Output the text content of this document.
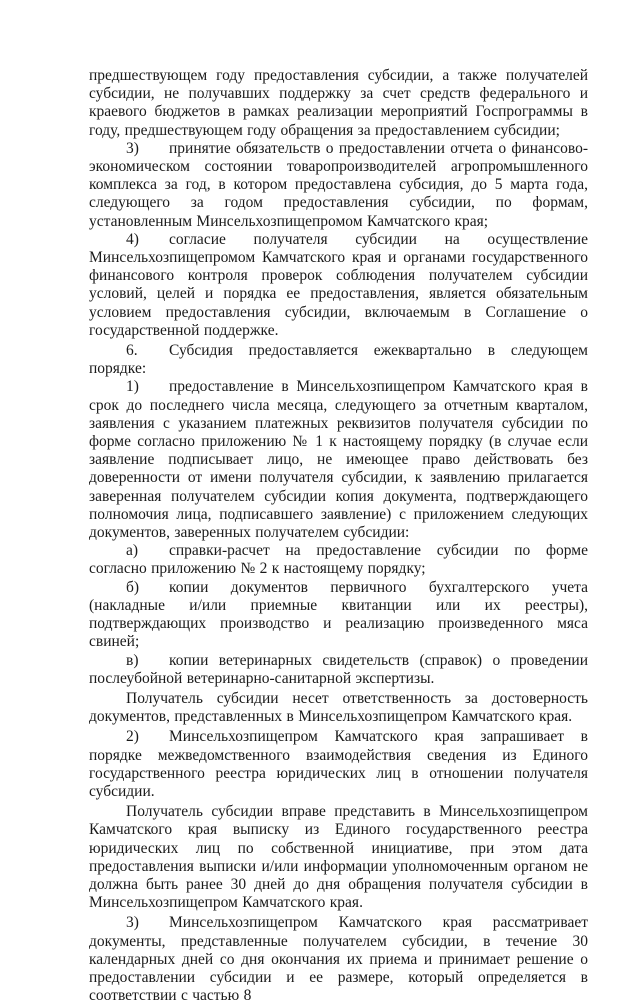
предшествующем году предоставления субсидии, а также получателей субсидии, не получавших поддержку за счет средств федерального и краевого бюджетов в рамках реализации мероприятий Госпрограммы в году, предшествующем году обращения за предоставлением субсидии;

3) принятие обязательств о предоставлении отчета о финансово-экономическом состоянии товаропроизводителей агропромышленного комплекса за год, в котором предоставлена субсидия, до 5 марта года, следующего за годом предоставления субсидии, по формам, установленным Минсельхозпищепромом Камчатского края;

4) согласие получателя субсидии на осуществление Минсельхозпищепромом Камчатского края и органами государственного финансового контроля проверок соблюдения получателем субсидии условий, целей и порядка ее предоставления, является обязательным условием предоставления субсидии, включаемым в Соглашение о государственной поддержке.

6. Субсидия предоставляется ежеквартально в следующем порядке:

1) предоставление в Минсельхозпищепром Камчатского края в срок до последнего числа месяца, следующего за отчетным кварталом, заявления с указанием платежных реквизитов получателя субсидии по форме согласно приложению № 1 к настоящему порядку (в случае если заявление подписывает лицо, не имеющее право действовать без доверенности от имени получателя субсидии, к заявлению прилагается заверенная получателем субсидии копия документа, подтверждающего полномочия лица, подписавшего заявление) с приложением следующих документов, заверенных получателем субсидии:

а) справки-расчет на предоставление субсидии по форме согласно приложению № 2 к настоящему порядку;

б) копии документов первичного бухгалтерского учета (накладные и/или приемные квитанции или их реестры), подтверждающих производство и реализацию произведенного мяса свиней;

в) копии ветеринарных свидетельств (справок) о проведении послеубойной ветеринарно-санитарной экспертизы.

Получатель субсидии несет ответственность за достоверность документов, представленных в Минсельхозпищепром Камчатского края.

2) Минсельхозпищепром Камчатского края запрашивает в порядке межведомственного взаимодействия сведения из Единого государственного реестра юридических лиц в отношении получателя субсидии.

Получатель субсидии вправе представить в Минсельхозпищепром Камчатского края выписку из Единого государственного реестра юридических лиц по собственной инициативе, при этом дата предоставления выписки и/или информации уполномоченным органом не должна быть ранее 30 дней до дня обращения получателя субсидии в Минсельхозпищепром Камчатского края.

3) Минсельхозпищепром Камчатского края рассматривает документы, представленные получателем субсидии, в течение 30 календарных дней со дня окончания их приема и принимает решение о предоставлении субсидии и ее размере, который определяется в соответствии с частью 8
